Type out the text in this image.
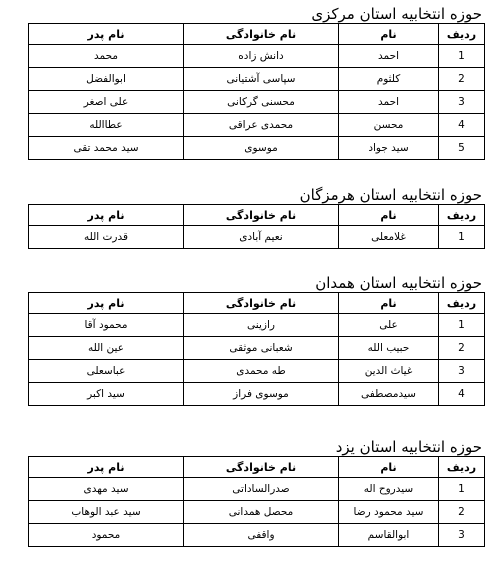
حوزه انتخابیه استان مرکزی
ردیف	نام	نام خانوادگی	نام پدر
1	احمد	دانش زاده	محمد
2	کلثوم	سپاسی آشتیانی	ابوالفضل
3	احمد	محسنی گرکانی	علی اصغر
4	محسن	محمدی عراقی	عطاالله
5	سید جواد	موسوی	سید محمد تقی
حوزه انتخابیه استان هرمزگان
ردیف	نام	نام خانوادگی	نام پدر
1	غلامعلی	نعیم آبادی	قدرت الله
حوزه انتخابیه استان همدان
ردیف	نام	نام خانوادگی	نام پدر
1	علی	رازینی	محمود آقا
2	حبیب الله	شعبانی موثقی	عین الله
3	غیاث الدین	طه محمدی	عباسعلی
4	سیدمصطفی	موسوی فراز	سید اکبر
حوزه انتخابیه استان یزد
ردیف	نام	نام خانوادگی	نام پدر
1	سیدروح اله	صدرالساداتی	سید مهدی
2	سید محمود رضا	محصل همدانی	سید عبد الوهاب
3	ابوالقاسم	واقفی	محمود
